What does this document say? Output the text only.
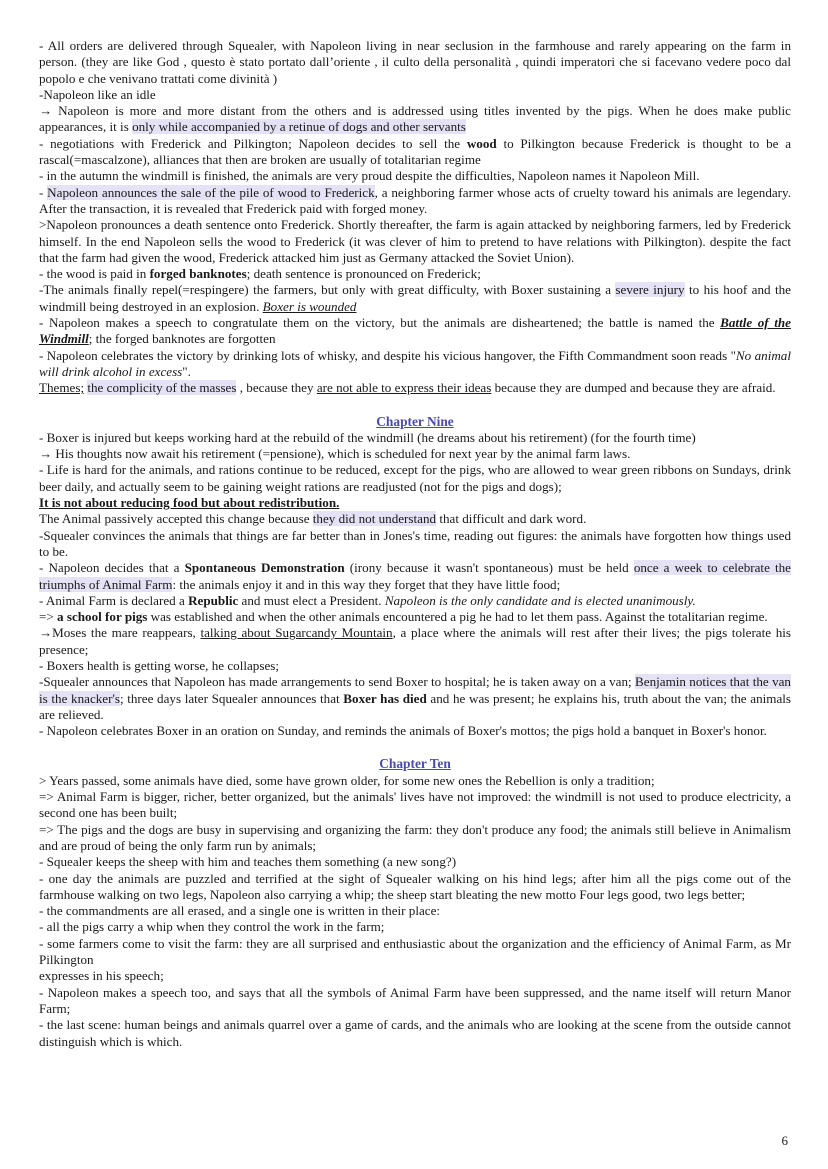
- All orders are delivered through Squealer, with Napoleon living in near seclusion in the farmhouse and rarely appearing on the farm in person. (they are like God , questo è stato portato dall’oriente , il culto della personalità , quindi imperatori che si facevano vedere poco dal popolo e che venivano trattati come divinità )

-Napoleon like an idle

→ Napoleon is more and more distant from the others and is addressed using titles invented by the pigs. When he does make public appearances, it is only while accompanied by a retinue of dogs and other servants

- negotiations with Frederick and Pilkington; Napoleon decides to sell the wood to Pilkington because Frederick is thought to be a rascal(=mascalzone), alliances that then are broken are usually of totalitarian regime

- in the autumn the windmill is finished, the animals are very proud despite the difficulties, Napoleon names it Napoleon Mill.

- Napoleon announces the sale of the pile of wood to Frederick, a neighboring farmer whose acts of cruelty toward his animals are legendary. After the transaction, it is revealed that Frederick paid with forged money.

>Napoleon pronounces a death sentence onto Frederick. Shortly thereafter, the farm is again attacked by neighboring farmers, led by Frederick himself. In the end Napoleon sells the wood to Frederick (it was clever of him to pretend to have relations with Pilkington). despite the fact that the farm had given the wood, Frederick attacked him just as Germany attacked the Soviet Union).

- the wood is paid in forged banknotes; death sentence is pronounced on Frederick;

-The animals finally repel(=respingere) the farmers, but only with great difficulty, with Boxer sustaining a severe injury to his hoof and the windmill being destroyed in an explosion. Boxer is wounded

- Napoleon makes a speech to congratulate them on the victory, but the animals are disheartened; the battle is named the Battle of the Windmill; the forged banknotes are forgotten

- Napoleon celebrates the victory by drinking lots of whisky, and despite his vicious hangover, the Fifth Commandment soon reads "No animal will drink alcohol in excess".

Themes; the complicity of the masses , because they are not able to express their ideas because they are dumped and because they are afraid.

Chapter Nine

- Boxer is injured but keeps working hard at the rebuild of the windmill (he dreams about his retirement) (for the fourth time)

→ His thoughts now await his retirement (=pensione), which is scheduled for next year by the animal farm laws.

- Life is hard for the animals, and rations continue to be reduced, except for the pigs, who are allowed to wear green ribbons on Sundays, drink beer daily, and actually seem to be gaining weight rations are readjusted (not for the pigs and dogs);

It is not about reducing food but about redistribution.

The Animal passively accepted this change because they did not understand that difficult and dark word.

-Squealer convinces the animals that things are far better than in Jones's time, reading out figures: the animals have forgotten how things used to be.

- Napoleon decides that a Spontaneous Demonstration (irony because it wasn't spontaneous) must be held once a week to celebrate the triumphs of Animal Farm: the animals enjoy it and in this way they forget that they have little food;

- Animal Farm is declared a Republic and must elect a President. Napoleon is the only candidate and is elected unanimously.

=> a school for pigs was established and when the other animals encountered a pig he had to let them pass. Against the totalitarian regime.

→Moses the mare reappears, talking about Sugarcandy Mountain, a place where the animals will rest after their lives; the pigs tolerate his presence;

- Boxers health is getting worse, he collapses;

-Squealer announces that Napoleon has made arrangements to send Boxer to hospital; he is taken away on a van; Benjamin notices that the van is the knacker's; three days later Squealer announces that Boxer has died and he was present; he explains his, truth about the van; the animals are relieved.

- Napoleon celebrates Boxer in an oration on Sunday, and reminds the animals of Boxer's mottos; the pigs hold a banquet in Boxer's honor.

Chapter Ten

> Years passed, some animals have died, some have grown older, for some new ones the Rebellion is only a tradition;

=> Animal Farm is bigger, richer, better organized, but the animals' lives have not improved: the windmill is not used to produce electricity, a second one has been built;

=> The pigs and the dogs are busy in supervising and organizing the farm: they don't produce any food; the animals still believe in Animalism and are proud of being the only farm run by animals;

- Squealer keeps the sheep with him and teaches them something (a new song?)

- one day the animals are puzzled and terrified at the sight of Squealer walking on his hind legs; after him all the pigs come out of the farmhouse walking on two legs, Napoleon also carrying a whip; the sheep start bleating the new motto Four legs good, two legs better;

- the commandments are all erased, and a single one is written in their place:

- all the pigs carry a whip when they control the work in the farm;

- some farmers come to visit the farm: they are all surprised and enthusiastic about the organization and the efficiency of Animal Farm, as Mr Pilkington

expresses in his speech;

- Napoleon makes a speech too, and says that all the symbols of Animal Farm have been suppressed, and the name itself will return Manor Farm;

- the last scene: human beings and animals quarrel over a game of cards, and the animals who are looking at the scene from the outside cannot distinguish which is which.

6
